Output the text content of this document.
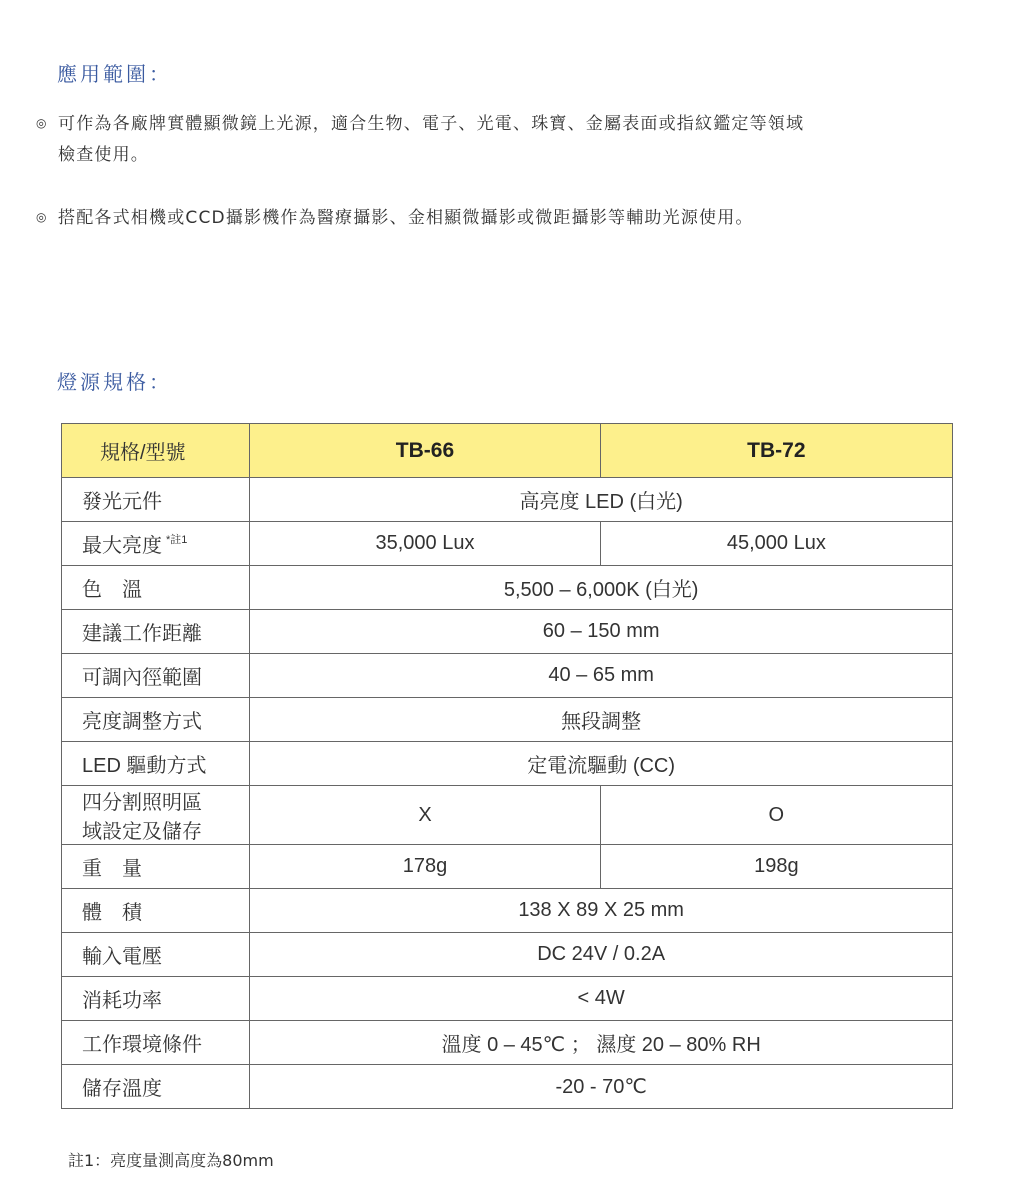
應用範圍：
◎ 可作為各廠牌實體顯微鏡上光源，適合生物、電子、光電、珠寶、金屬表面或指紋鑑定等領域
檢查使用。
◎ 搭配各式相機或CCD攝影機作為醫療攝影、金相顯微攝影或微距攝影等輔助光源使用。
燈源規格：
規格/型號	TB-66	TB-72
發光元件	高亮度 LED (白光)	
最大亮度 $^{*註1}$	35,000 Lux	45,000 Lux
色　溫	5,500 – 6,000K (白光)	
建議工作距離	60 – 150 mm	
可調內徑範圍	40 – 65 mm	
亮度調整方式	無段調整	
LED 驅動方式	定電流驅動 (CC)	

四分割照明區
域設定及儲存	X	O
重　量	178g	198g
體　積	138 X 89 X 25 mm	
輸入電壓	DC 24V / 0.2A	
消耗功率	< 4W	
工作環境條件	溫度 0 – 45℃ ； 濕度 20 – 80% RH	
儲存溫度	-20 - 70℃	
註1：亮度量測高度為80mm
